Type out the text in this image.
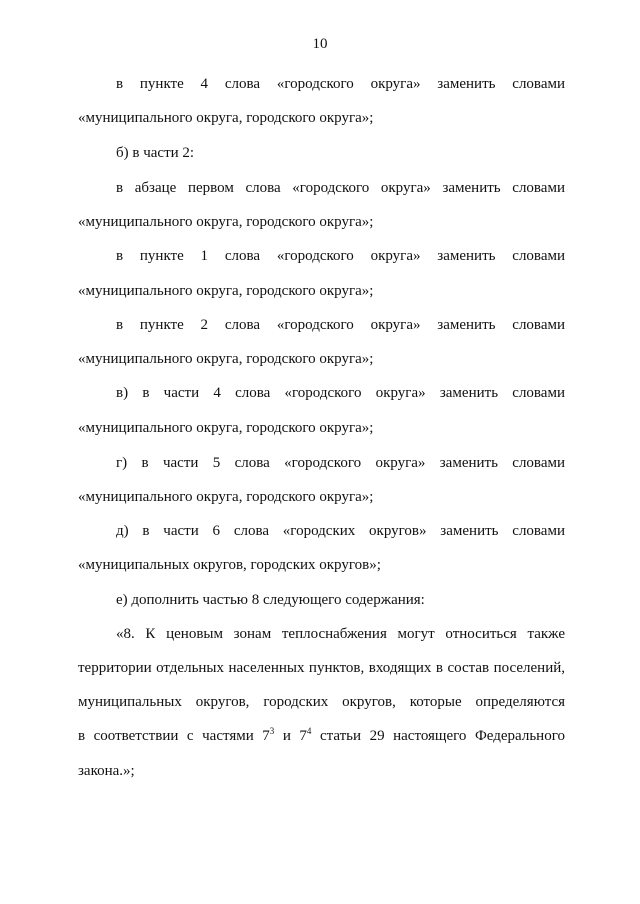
10
в пункте 4 слова «городского округа» заменить словами
«муниципального округа, городского округа»;
б) в части 2:
в абзаце первом слова «городского округа» заменить словами
«муниципального округа, городского округа»;
в пункте 1 слова «городского округа» заменить словами
«муниципального округа, городского округа»;
в пункте 2 слова «городского округа» заменить словами
«муниципального округа, городского округа»;
в) в части 4 слова «городского округа» заменить словами
«муниципального округа, городского округа»;
г) в части 5 слова «городского округа» заменить словами
«муниципального округа, городского округа»;
д) в части 6 слова «городских округов» заменить словами
«муниципальных округов, городских округов»;
е) дополнить частью 8 следующего содержания:
«8. К ценовым зонам теплоснабжения могут относиться также
территории отдельных населенных пунктов, входящих в состав поселений,
муниципальных округов, городских округов, которые определяются
в соответствии с частями $7^3$ и $7^4$ статьи 29 настоящего Федерального
закона.»;
